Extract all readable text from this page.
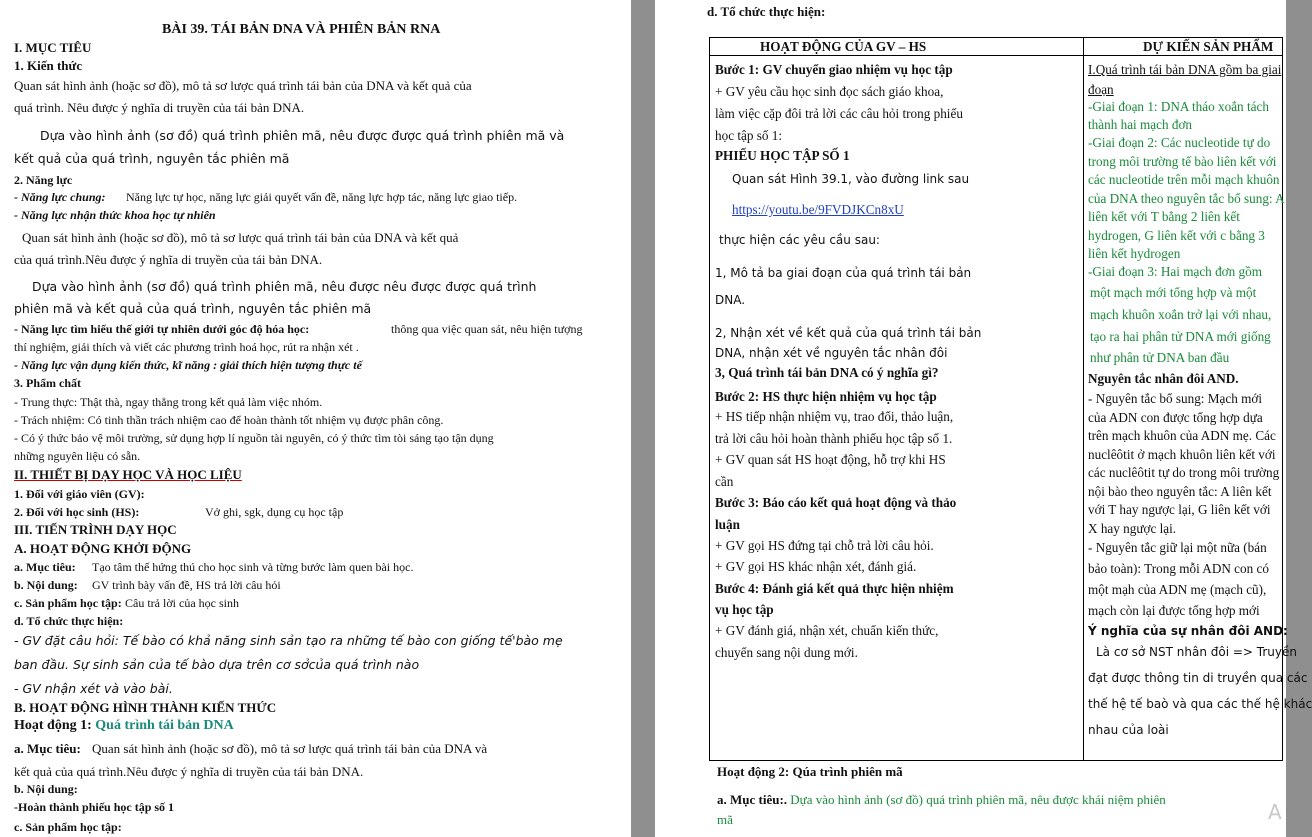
BÀI 39. TÁI BẢN DNA VÀ PHIÊN BẢN RNA
I. MỤC TIÊU
1. Kiến thức
Quan sát hình ảnh (hoặc sơ đồ), mô tả sơ lược quá trình tái bản của DNA và kết quả của
quá trình. Nêu được ý nghĩa di truyền của tái bản DNA.
Dựa vào hình ảnh (sơ đồ) quá trình phiên mã, nêu được được quá trình phiên mã và
kết quả của quá trình, nguyên tắc phiên mã
2. Năng lực
Năng lực tự học, năng lực giải quyết vấn đề, năng lực hợp tác, năng lực giao tiếp.
- Năng lực nhận thức khoa học tự nhiên
Quan sát hình ảnh (hoặc sơ đồ), mô tả sơ lược quá trình tái bản của DNA và kết quả
của quá trình.Nêu được ý nghĩa di truyền của tái bản DNA.
Dựa vào hình ảnh (sơ đồ) quá trình phiên mã, nêu được nêu được được quá trình
phiên mã và kết quả của quá trình, nguyên tắc phiên mã
thông qua việc quan sát, nêu hiện tượng
thí nghiệm, giải thích và viết các phương trình hoá học, rút ra nhận xét .
- Năng lực vận dụng kiến thức, kĩ năng : giải thích hiện tượng thực tế
3. Phẩm chất
- Trung thực: Thật thà, ngay thẳng trong kết quả làm việc nhóm.
- Trách nhiệm: Có tinh thần trách nhiệm cao để hoàn thành tốt nhiệm vụ được phân công.
- Có ý thức bảo vệ môi trường, sử dụng hợp lí nguồn tài nguyên, có ý thức tìm tòi sáng tạo tận dụng
những nguyên liệu có sẵn.
1. Đối với giáo viên (GV):
Vở ghi, sgk, dụng cụ học tập
III. TIẾN TRÌNH DẠY HỌC
A. HOẠT ĐỘNG KHỞI ĐỘNG
Tạo tâm thế hứng thú cho học sinh và từng bước làm quen bài học.
GV trình bày vấn đề, HS trả lời câu hỏi
Câu trả lời của học sinh
d. Tổ chức thực hiện:
- GV đặt câu hỏi: Tế bào có khả năng sinh sản tạo ra những tế bào con giống tế'bào mẹ
ban đầu. Sự sinh sản của tế bào dựa trên cơ sởcủa quá trình nào
- GV nhận xét và vào bài.
B. HOẠT ĐỘNG HÌNH THÀNH KIẾN THỨC
Quan sát hình ảnh (hoặc sơ đồ), mô tả sơ lược quá trình tái bản của DNA và
kết quả của quá trình.Nêu được ý nghĩa di truyền của tái bản DNA.
b. Nội dung:
-Hoàn thành phiếu học tập số 1
c. Sản phẩm học tập:
- Năng lực chung:
- Năng lực tìm hiểu thế giới tự nhiên dưới góc độ hóa học:
2. Đối với học sinh (HS):
a. Mục tiêu:
b. Nội dung:
c. Sản phẩm học tập:
II. THIẾT BỊ DẠY HỌC VÀ HỌC LIỆU
Hoạt động 1: Quá trình tái bản DNA
a. Mục tiêu:
d. Tổ chức thực hiện:
HOẠT ĐỘNG CỦA GV – HS	DỰ KIẾN SẢN PHẨM
Bước 1: GV chuyển giao nhiệm vụ học tập
+ GV yêu cầu học sinh đọc sách giáo khoa,
làm việc cặp đôi trả lời các câu hỏi trong phiếu
học tập số 1:
PHIẾU HỌC TẬP SỐ 1
Quan sát Hình 39.1, vào đường link sau
https://youtu.be/9FVDJKCn8xU
thực hiện các yêu cầu sau:
1, Mô tả ba giai đoạn của quá trình tái bản
DNA.
2, Nhận xét về kết quả của quá trình tái bản
DNA, nhận xét về nguyên tắc nhân đôi
3, Quá trình tái bản DNA có ý nghĩa gì?
Bước 2: HS thực hiện nhiệm vụ học tập
+ HS tiếp nhận nhiệm vụ, trao đổi, thảo luận,
trả lời câu hỏi hoàn thành phiếu học tập số 1.
+ GV quan sát HS hoạt động, hỗ trợ khi HS
cần
Bước 3: Báo cáo kết quả hoạt động và thảo
luận
+ GV gọi HS đứng tại chỗ trả lời câu hỏi.
+ GV gọi HS khác nhận xét, đánh giá.
Bước 4: Đánh giá kết quả thực hiện nhiệm
vụ học tập
+ GV đánh giá, nhận xét, chuẩn kiến thức,
chuyển sang nội dung mới.
I.Quá trình tái bản DNA gồm ba giai
đoạn
-Giai đoạn 1: DNA tháo xoắn tách
thành hai mạch đơn
-Giai đoạn 2: Các nucleotide tự do
trong môi trường tế bào liên kết với
các nucleotide trên mỗi mạch khuôn
của DNA theo nguyên tắc bổ sung: A
liên kết với T bằng 2 liên kết
hydrogen, G liên kết với c bằng 3
liên kết hydrogen
-Giai đoạn 3: Hai mạch đơn gồm
một mạch mới tổng hợp và một
mạch khuôn xoắn trở lại với nhau,
tạo ra hai phân tử DNA mới giống
như phân tử DNA ban đầu
Nguyên tắc nhân đôi AND.
- Nguyên tắc bổ sung: Mạch mới
của ADN con được tổng hợp dựa
trên mạch khuôn của ADN mẹ. Các
nuclêôtit ở mạch khuôn liên kết với
các nuclêôtit tự do trong môi trường
nội bào theo nguyên tắc: A liên kết
với T hay ngược lại, G liên kết với
X hay ngược lại.
- Nguyên tắc giữ lại một nữa (bán
bảo toàn): Trong mỗi ADN con có
một mạh của ADN mẹ (mạch cũ),
mạch còn lại được tổng hợp mới
Ý nghĩa của sự nhân đôi AND:
Là cơ sở NST nhân đôi => Truyền
đạt được thông tin di truyền qua các
thế hệ tế baò và qua các thế hệ khác
nhau của loài
Hoạt động 2: Qúa trình phiên mã
a. Mục tiêu:. Dựa vào hình ảnh (sơ đồ) quá trình phiên mã, nêu được khái niệm phiên
mã	A
